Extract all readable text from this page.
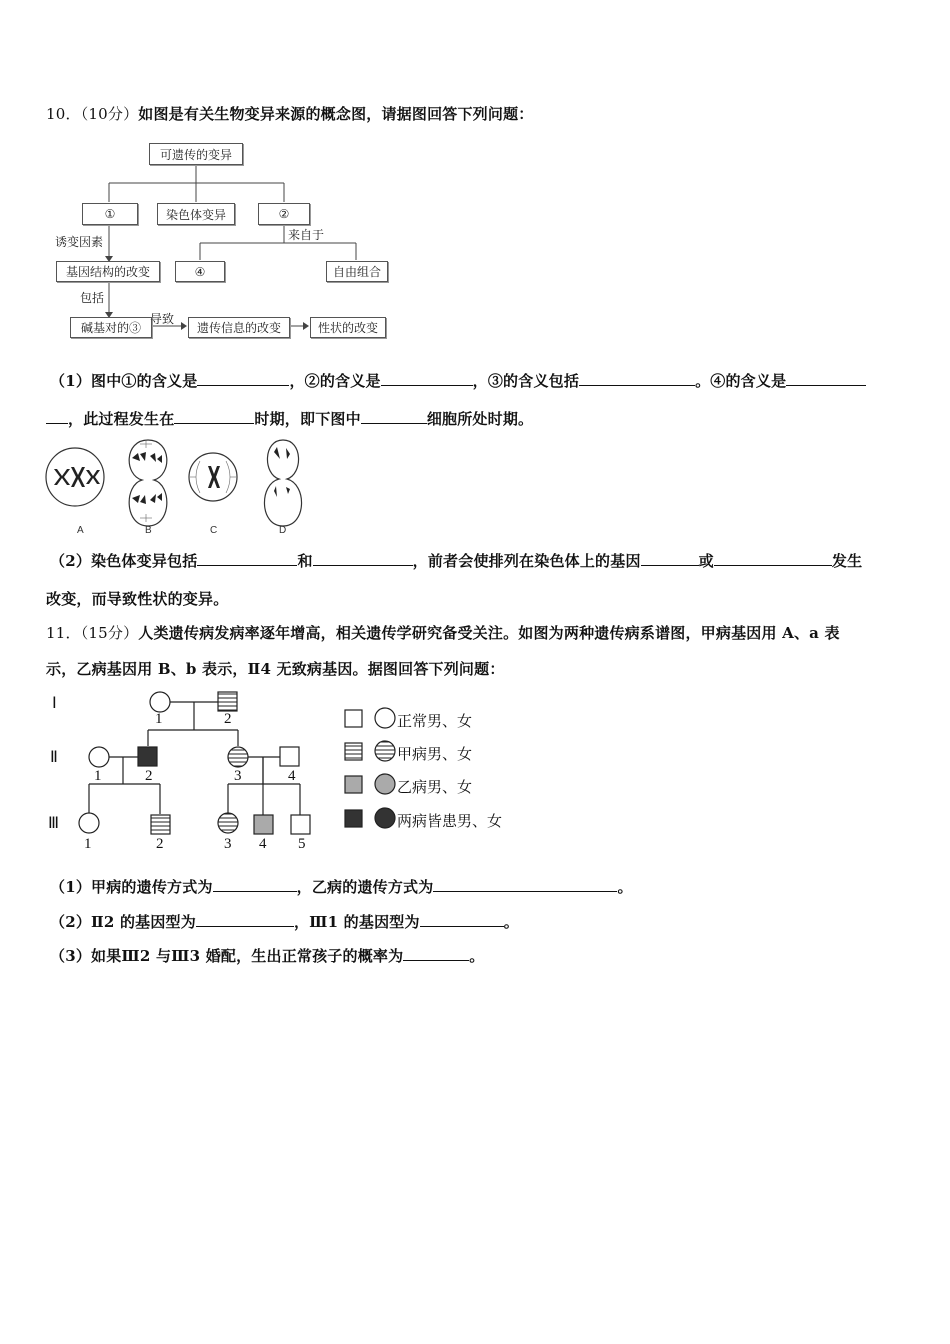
10．（10分）如图是有关生物变异来源的概念图，请据图回答下列问题：
可遗传的变异
①	染色体变异	②
诱变因素	来自于
基因结构的改变	④	自由组合
包括
碱基对的③
导致
遗传信息的改变	性状的改变
（1）图中①的含义是	，②的含义是	，③的含义包括	。④的含义是
，此过程发生在	时期，即下图中	细胞所处时期。
A	B	C	D
（2）染色体变异包括	和	，前者会使排列在染色体上的基因	或	发生
改变，而导致性状的变异。
11．（15分）人类遗传病发病率逐年增高，相关遗传学研究备受关注。如图为两种遗传病系谱图，甲病基因用 A、a 表
示，乙病基因用 B、b 表示，Ⅱ4 无致病基因。据图回答下列问题：
Ⅰ
Ⅱ
Ⅲ
1	2
1	2	3	4
1	2	3 4 5
正常男、女
甲病男、女
乙病男、女
两病皆患男、女
（1）甲病的遗传方式为	，乙病的遗传方式为	。
（2）Ⅱ2 的基因型为	，Ⅲ1 的基因型为	。
（3）如果Ⅲ2 与Ⅲ3 婚配，生出正常孩子的概率为	。
